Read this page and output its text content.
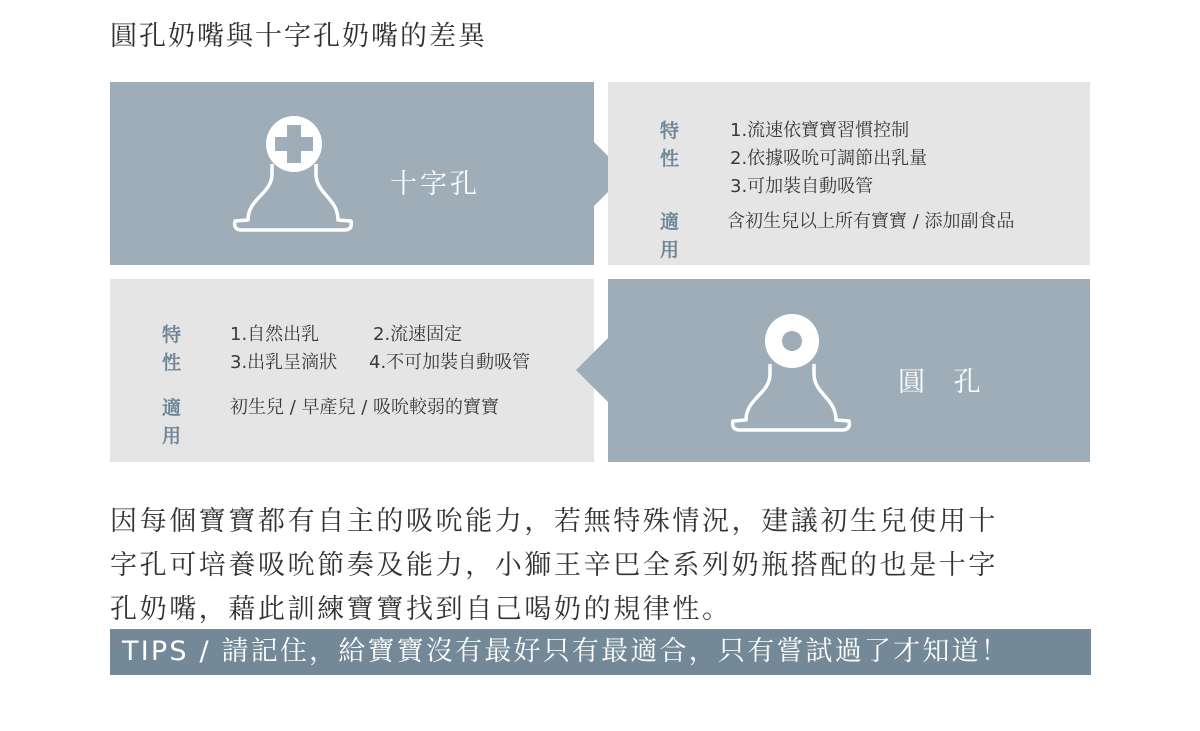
圓孔奶嘴與十字孔奶嘴的差異
十字孔
特 性
1.流速依寶寶習慣控制
2.依據吸吮可調節出乳量
3.可加裝自動吸管
適 用
含初生兒以上所有寶寶 / 添加副食品
特 性
1.自然出乳	2.流速固定
3.出乳呈滴狀 4.不可加裝自動吸管
適 用
初生兒 / 早產兒 / 吸吮較弱的寶寶
圓 孔
因每個寶寶都有自主的吸吮能力，若無特殊情況，建議初生兒使用十
字孔可培養吸吮節奏及能力，小獅王辛巴全系列奶瓶搭配的也是十字
孔奶嘴，藉此訓練寶寶找到自己喝奶的規律性。
TIPS / 請記住，給寶寶沒有最好只有最適合，只有嘗試過了才知道！
